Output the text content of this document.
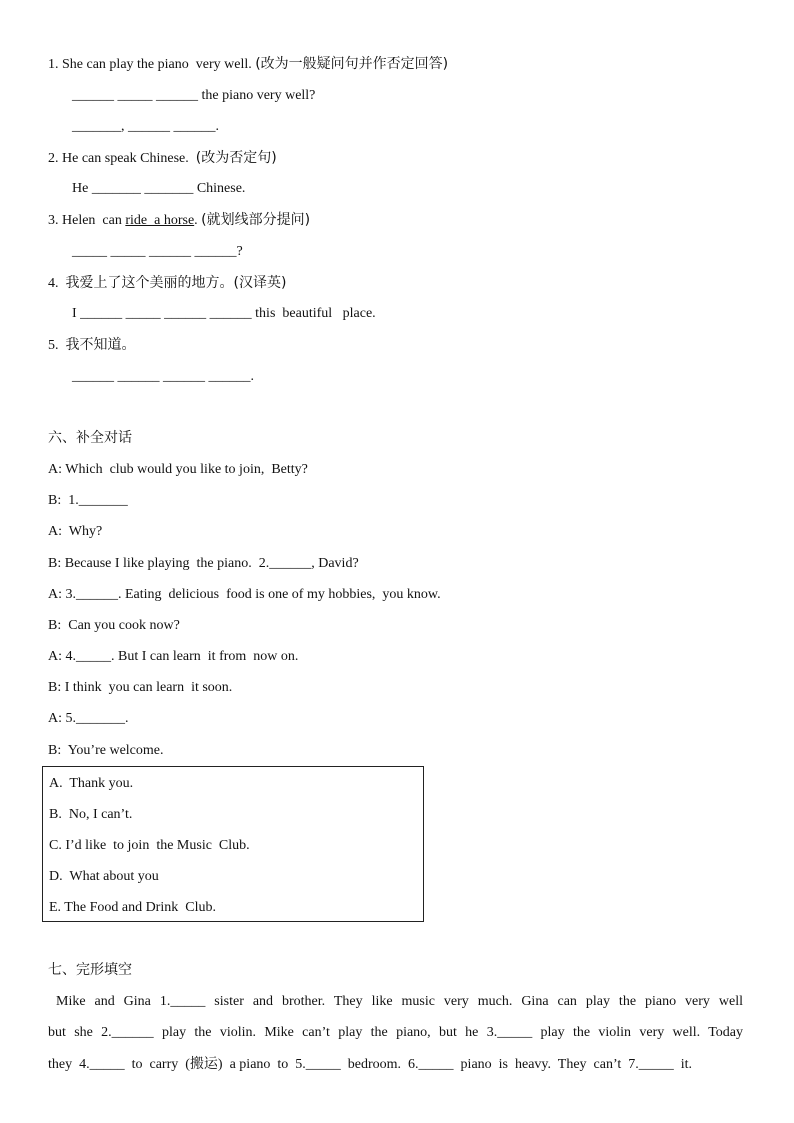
1. She can play the piano  very well. (改为一般疑问句并作否定回答)
______ _____ ______ the piano very well?
_______, ______ ______.
2. He can speak Chinese.  (改为否定句)
He _______ _______ Chinese.
3. Helen  can ride  a horse. (就划线部分提问)
_____ _____ ______ ______?
4.  我爱上了这个美丽的地方。(汉译英)
I ______ _____ ______ ______ this  beautiful   place.
5.  我不知道。
______ ______ ______ ______.
六、补全对话
A: Which  club would you like to join,  Betty?
B:  1._______
A:  Why?
B: Because I like playing  the piano.  2.______, David?
A: 3.______. Eating  delicious  food is one of my hobbies,  you know.
B:  Can you cook now?
A: 4._____. But I can learn  it from  now on.
B: I think  you can learn  it soon.
A: 5._______.
B:  You’re welcome.
A.  Thank you.
B.  No, I can’t.
C. I’d like  to join  the Music  Club.
D.  What about you
E. The Food and Drink  Club.
七、完形填空
Mike and Gina 1._____ sister and brother. They like music very much. Gina can play the piano very well
but she 2.______ play the violin. Mike can’t play the piano, but he 3._____ play the violin very well. Today
they  4._____  to  carry  (搬运)  a piano  to  5._____  bedroom.  6._____  piano  is  heavy.  They  can’t  7._____  it.
